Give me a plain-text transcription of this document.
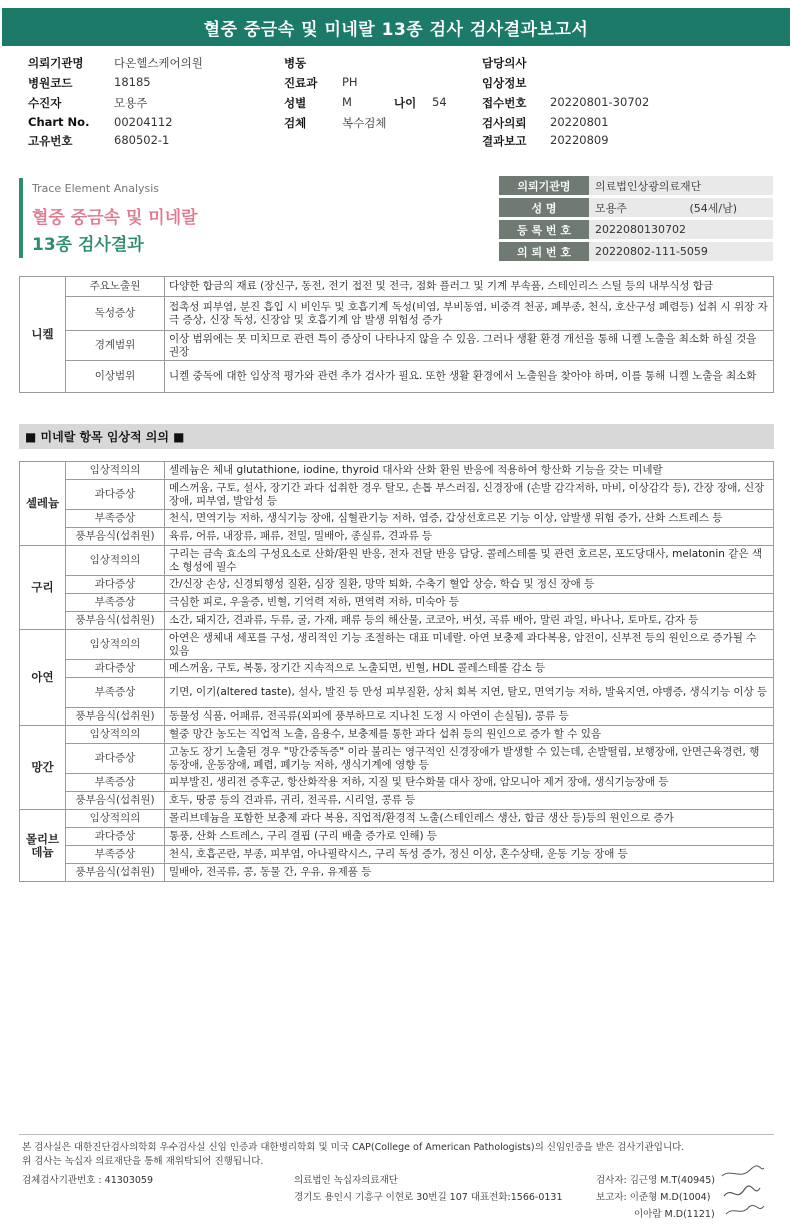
혈중 중금속 및 미네랄 13종 검사 검사결과보고서
의뢰기관명	다온헬스케어의원	병동	담당의사
병원코드	18185	진료과 PH	임상정보
수진자	모용주	성별	M	나이 54	접수번호 20220801-30702
Chart No. 00204112	검체	복수검체	검사의뢰 20220801
고유번호	680502-1	결과보고 20220809
Trace Element Analysis
혈중 중금속 및 미네랄
13종 검사결과
의뢰기관명	의료법인상광의료재단
성 명	모용주	(54세/남)
등 록 번 호	2022080130702
의 뢰 번 호	20220802-111-5059
니켈	주요노출원	다양한 합금의 재료 (장신구, 동전, 전기 접전 및 전극, 점화 플러그 및 기계 부속품, 스테인리스 스틸 등의 내부식성 합금
	독성증상	접촉성 피부염, 분진 흡입 시 비인두 및 호흡기계 독성(비염, 부비동염, 비중격 천공, 폐부종, 천식, 호산구성 폐렴등) 섭취 시 위장 자극 증상, 신장 독성, 신장암 및 호흡기계 암 발생 위험성 증가
	경계범위	이상 범위에는 못 미치므로 관련 특이 증상이 나타나지 않을 수 있음. 그러나 생활 환경 개선을 통해 니켈 노출을 최소화 하실 것을 권장
	이상범위	니켈 중독에 대한 임상적 평가와 관련 추가 검사가 필요. 또한 생활 환경에서 노출원을 찾아야 하며, 이를 통해 니켈 노출을 최소화
■ 미네랄 항목 임상적 의의 ■
셀레늄	임상적의의	셀레늄은 체내 glutathione, iodine, thyroid 대사와 산화 환원 반응에 적용하여 항산화 기능을 갖는 미네랄
	과다증상	메스꺼움, 구토, 설사, 장기간 과다 섭취한 경우 탈모, 손톱 부스러짐, 신경장애 (손발 감각저하, 마비, 이상감각 등), 간장 장애, 신장 장애, 피부염, 발암성 등
	부족증상	천식, 면역기능 저하, 생식기능 장애, 심혈관기능 저하, 염증, 갑상선호르몬 기능 이상, 암발생 위험 증가, 산화 스트레스 등
	풍부음식(섭취원)	육류, 어류, 내장류, 패류, 전밀, 밀배아, 종실류, 견과류 등
구리	임상적의의	구리는 금속 효소의 구성요소로 산화/환원 반응, 전자 전달 반응 담당. 콜레스테롤 및 관련 호르몬, 포도당대사, melatonin 같은 색소 형성에 필수
	과다증상	간/신장 손상, 신경퇴행성 질환, 심장 질환, 망막 퇴화, 수축기 혈압 상승, 학습 및 정신 장애 등
	부족증상	극심한 피로, 우울증, 빈혈, 기억력 저하, 면역력 저하, 미숙아 등
	풍부음식(섭취원)	소간, 돼지간, 견과류, 두류, 굴, 가재, 패류 등의 해산물, 코코아, 버섯, 곡류 배아, 말린 과일, 바나나, 토마토, 감자 등
아연	임상적의의	아연은 생체내 세포를 구성, 생리적인 기능 조절하는 대표 미네랄. 아연 보충제 과다복용, 암전이, 신부전 등의 원인으로 증가될 수 있음
	과다증상	메스꺼움, 구토, 복통, 장기간 지속적으로 노출되면, 빈혈, HDL 콜레스테롤 감소 등
	부족증상	기면, 이기(altered taste), 설사, 발진 등 만성 피부질환, 상처 회복 지연, 탈모, 면역기능 저하, 발육지연, 야맹증, 생식기능 이상 등
	풍부음식(섭취원)	동물성 식품, 어패류, 전곡류(외피에 풍부하므로 지나친 도정 시 아연이 손실됨), 콩류 등
망간	임상적의의	혈중 망간 농도는 직업적 노출, 음용수, 보충제를 통한 과다 섭취 등의 원인으로 증가 할 수 있음
	과다증상	고농도 장기 노출된 경우 "망간중독증" 이라 불리는 영구적인 신경장애가 발생할 수 있는데, 손발떨림, 보행장애, 안면근육경련, 행동장애, 운동장애, 폐렴, 폐기능 저하, 생식기계에 영향 등
	부족증상	피부발진, 생리전 증후군, 항산화작용 저하, 지질 및 탄수화물 대사 장애, 암모니아 제거 장애, 생식기능장애 등
	풍부음식(섭취원)	호두, 땅콩 등의 견과류, 귀리, 전곡류, 시리얼, 콩류 등
몰리브
데늄	임상적의의	몰리브데늄을 포함한 보충제 과다 복용, 직업적/환경적 노출(스테인레스 생산, 합금 생산 등)등의 원인으로 증가
	과다증상	통풍, 산화 스트레스, 구리 결핍 (구리 배출 증가로 인해) 등
	부족증상	천식, 호흡곤란, 부종, 피부염, 아나필락시스, 구리 독성 증가, 정신 이상, 혼수상태, 운동 기능 장애 등
	풍부음식(섭취원)	밀배아, 전곡류, 콩, 동물 간, 우유, 유제품 등
본 검사실은 대한진단검사의학회 우수검사실 신임 인증과 대한병리학회 및 미국 CAP(College of American Pathologists)의 신임인증을 받은 검사기관입니다.
위 검사는 녹십자 의료재단을 통해 재위탁되어 진행됩니다.
검체검사기관번호 : 41303059	의료법인 녹십자의료재단
경기도 용인시 기흥구 이현로 30번길 107 대표전화:1566-0131
검사자: 김근영 M.T(40945)
보고자: 이준형 M.D(1004)
이아람 M.D(1121)
